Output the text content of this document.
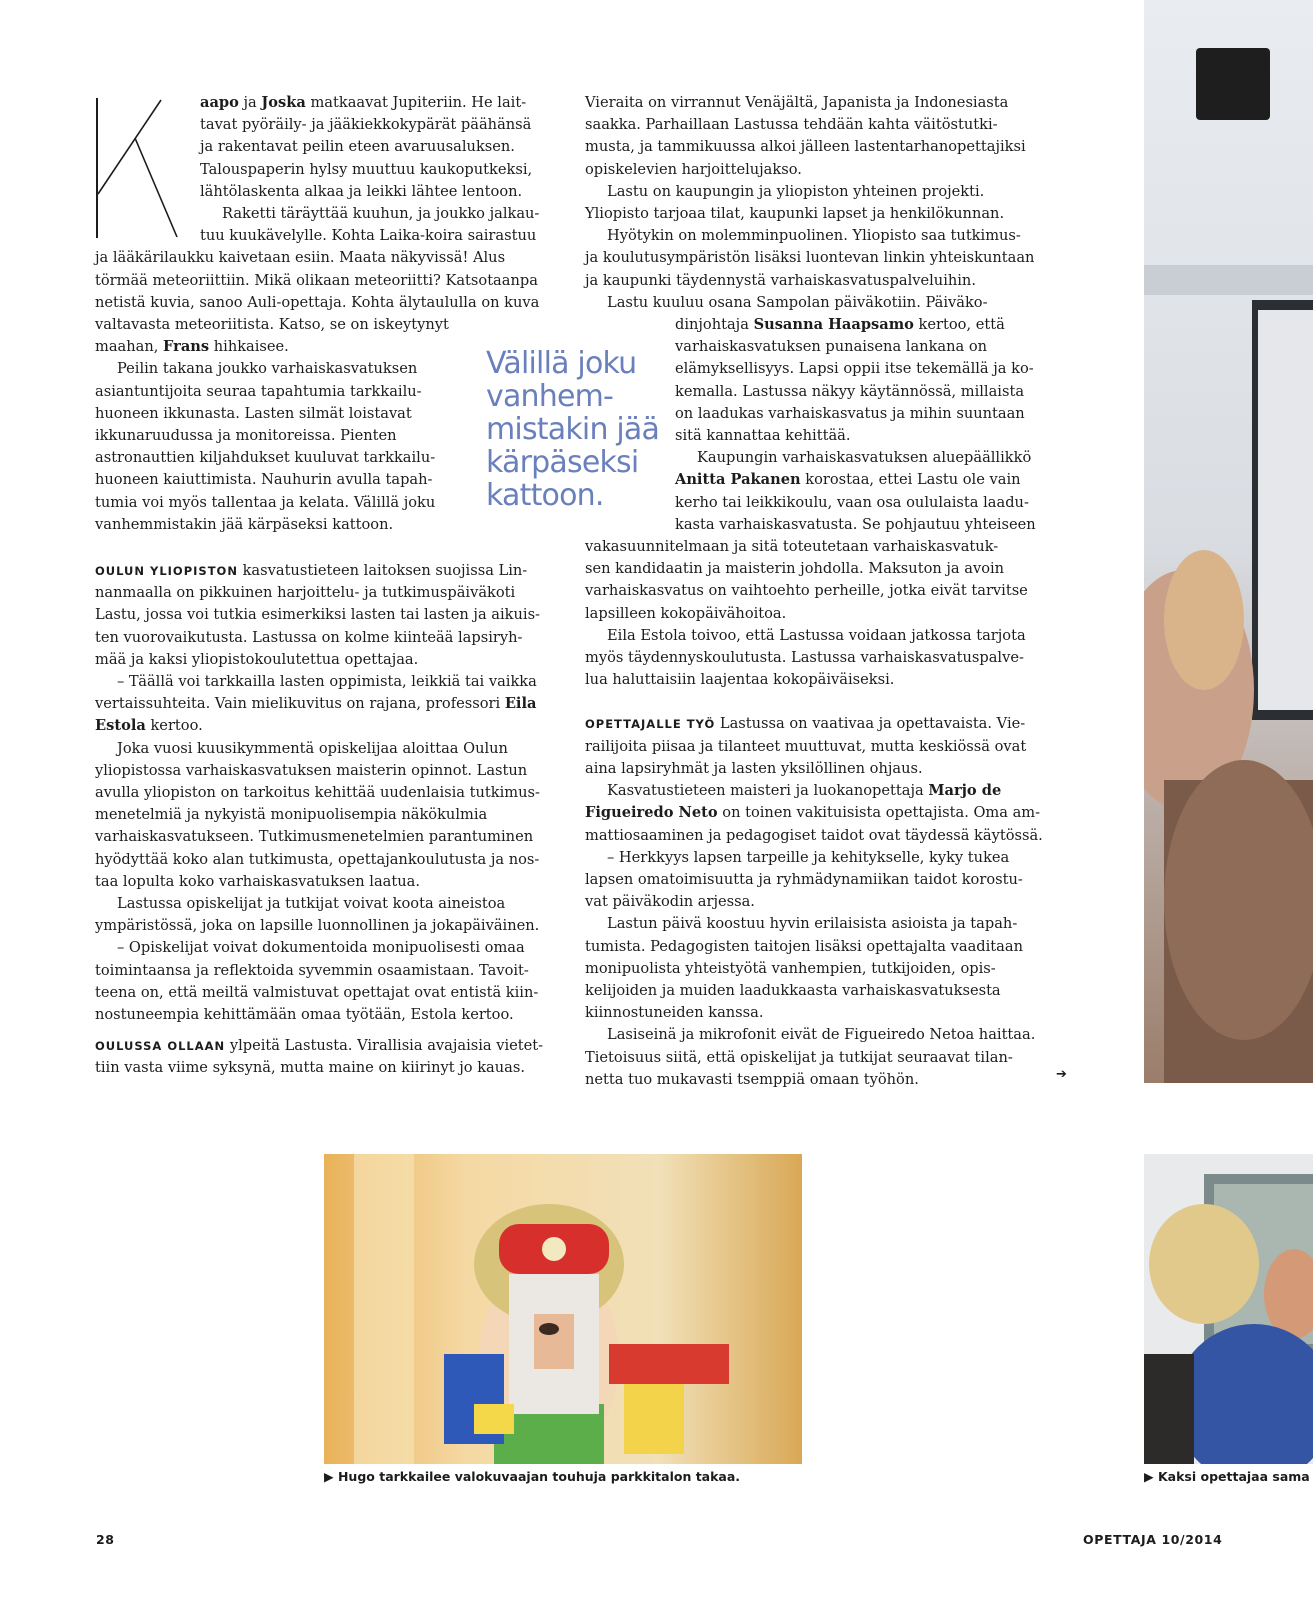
aapo ja Joska matkaavat Jupiteriin. He lait-
tavat pyöräily- ja jääkiekkokypärät päähänsä
ja rakentavat peilin eteen avaruusaluksen.
Talouspaperin hylsy muuttuu kaukoputkeksi,
lähtölaskenta alkaa ja leikki lähtee lentoon.
Raketti täräyttää kuuhun, ja joukko jalkau-
tuu kuukävelylle. Kohta Laika-koira sairastuu
ja lääkärilaukku kaivetaan esiin. Maata näkyvissä! Alus
törmää meteoriittiin. Mikä olikaan meteoriitti? Katsotaanpa
netistä kuvia, sanoo Auli-opettaja. Kohta älytaululla on kuva
valtavasta meteoriitista. Katso, se on iskeytynyt
maahan, Frans hihkaisee.
Peilin takana joukko varhaiskasvatuksen
asiantuntijoita seuraa tapahtumia tarkkailu-
huoneen ikkunasta. Lasten silmät loistavat
ikkunaruudussa ja monitoreissa. Pienten
astronauttien kiljahdukset kuuluvat tarkkailu-
huoneen kaiuttimista. Nauhurin avulla tapah-
tumia voi myös tallentaa ja kelata. Välillä joku
vanhemmistakin jää kärpäseksi kattoon.
Välillä joku
vanhem-
mistakin jää
kärpäseksi
kattoon.
OULUN YLIOPISTON kasvatustieteen laitoksen suojissa Lin-
nanmaalla on pikkuinen harjoittelu- ja tutkimuspäiväkoti
Lastu, jossa voi tutkia esimerkiksi lasten tai lasten ja aikuis-
ten vuorovaikutusta. Lastussa on kolme kiinteää lapsiryh-
mää ja kaksi yliopistokoulutettua opettajaa.
– Täällä voi tarkkailla lasten oppimista, leikkiä tai vaikka
vertaissuhteita. Vain mielikuvitus on rajana, professori Eila
Estola kertoo.
Joka vuosi kuusikymmentä opiskelijaa aloittaa Oulun
yliopistossa varhaiskasvatuksen maisterin opinnot. Lastun
avulla yliopiston on tarkoitus kehittää uudenlaisia tutkimus-
menetelmiä ja nykyistä monipuolisempia näkökulmia
varhaiskasvatukseen. Tutkimusmenetelmien parantuminen
hyödyttää koko alan tutkimusta, opettajankoulutusta ja nos-
taa lopulta koko varhaiskasvatuksen laatua.
Lastussa opiskelijat ja tutkijat voivat koota aineistoa
ympäristössä, joka on lapsille luonnollinen ja jokapäiväinen.
– Opiskelijat voivat dokumentoida monipuolisesti omaa
toimintaansa ja reflektoida syvemmin osaamistaan. Tavoit-
teena on, että meiltä valmistuvat opettajat ovat entistä kiin-
nostuneempia kehittämään omaa työtään, Estola kertoo.
OULUSSA OLLAAN ylpeitä Lastusta. Virallisia avajaisia vietet-
tiin vasta viime syksynä, mutta maine on kiirinyt jo kauas.
Vieraita on virrannut Venäjältä, Japanista ja Indonesiasta
saakka. Parhaillaan Lastussa tehdään kahta väitöstutki-
musta, ja tammikuussa alkoi jälleen lastentarhanopettajiksi
opiskelevien harjoittelujakso.
Lastu on kaupungin ja yliopiston yhteinen projekti.
Yliopisto tarjoaa tilat, kaupunki lapset ja henkilökunnan.
Hyötykin on molemminpuolinen. Yliopisto saa tutkimus-
ja koulutusympäristön lisäksi luontevan linkin yhteiskuntaan
ja kaupunki täydennystä varhaiskasvatuspalveluihin.
Lastu kuuluu osana Sampolan päiväkotiin. Päiväko-
dinjohtaja Susanna Haapsamo kertoo, että
varhaiskasvatuksen punaisena lankana on
elämyksellisyys. Lapsi oppii itse tekemällä ja ko-
kemalla. Lastussa näkyy käytännössä, millaista
on laadukas varhaiskasvatus ja mihin suuntaan
sitä kannattaa kehittää.
Kaupungin varhaiskasvatuksen aluepäällikkö
Anitta Pakanen korostaa, ettei Lastu ole vain
kerho tai leikkikoulu, vaan osa oululaista laadu-
kasta varhaiskasvatusta. Se pohjautuu yhteiseen
vakasuunnitelmaan ja sitä toteutetaan varhaiskasvatuk-
sen kandidaatin ja maisterin johdolla. Maksuton ja avoin
varhaiskasvatus on vaihtoehto perheille, jotka eivät tarvitse
lapsilleen kokopäivähoitoa.
Eila Estola toivoo, että Lastussa voidaan jatkossa tarjota
myös täydennyskoulutusta. Lastussa varhaiskasvatuspalve-
lua haluttaisiin laajentaa kokopäiväiseksi.
OPETTAJALLE TYÖ Lastussa on vaativaa ja opettavaista. Vie-
railijoita piisaa ja tilanteet muuttuvat, mutta keskiössä ovat
aina lapsiryhmät ja lasten yksilöllinen ohjaus.
Kasvatustieteen maisteri ja luokanopettaja Marjo de
Figueiredo Neto on toinen vakituisista opettajista. Oma am-
mattiosaaminen ja pedagogiset taidot ovat täydessä käytössä.
– Herkkyys lapsen tarpeille ja kehitykselle, kyky tukea
lapsen omatoimisuutta ja ryhmädynamiikan taidot korostu-
vat päiväkodin arjessa.
Lastun päivä koostuu hyvin erilaisista asioista ja tapah-
tumista. Pedagogisten taitojen lisäksi opettajalta vaaditaan
monipuolista yhteistyötä vanhempien, tutkijoiden, opis-
kelijoiden ja muiden laadukkaasta varhaiskasvatuksesta
kiinnostuneiden kanssa.
Lasiseinä ja mikrofonit eivät de Figueiredo Netoa haittaa.
Tietoisuus siitä, että opiskelijat ja tutkijat seuraavat tilan-
netta tuo mukavasti tsemppiä omaan työhön.	➔
▶ Hugo tarkkailee valokuvaajan touhuja parkkitalon takaa.	▶ Kaksi opettajaa sama
28	OPETTAJA 10/2014
